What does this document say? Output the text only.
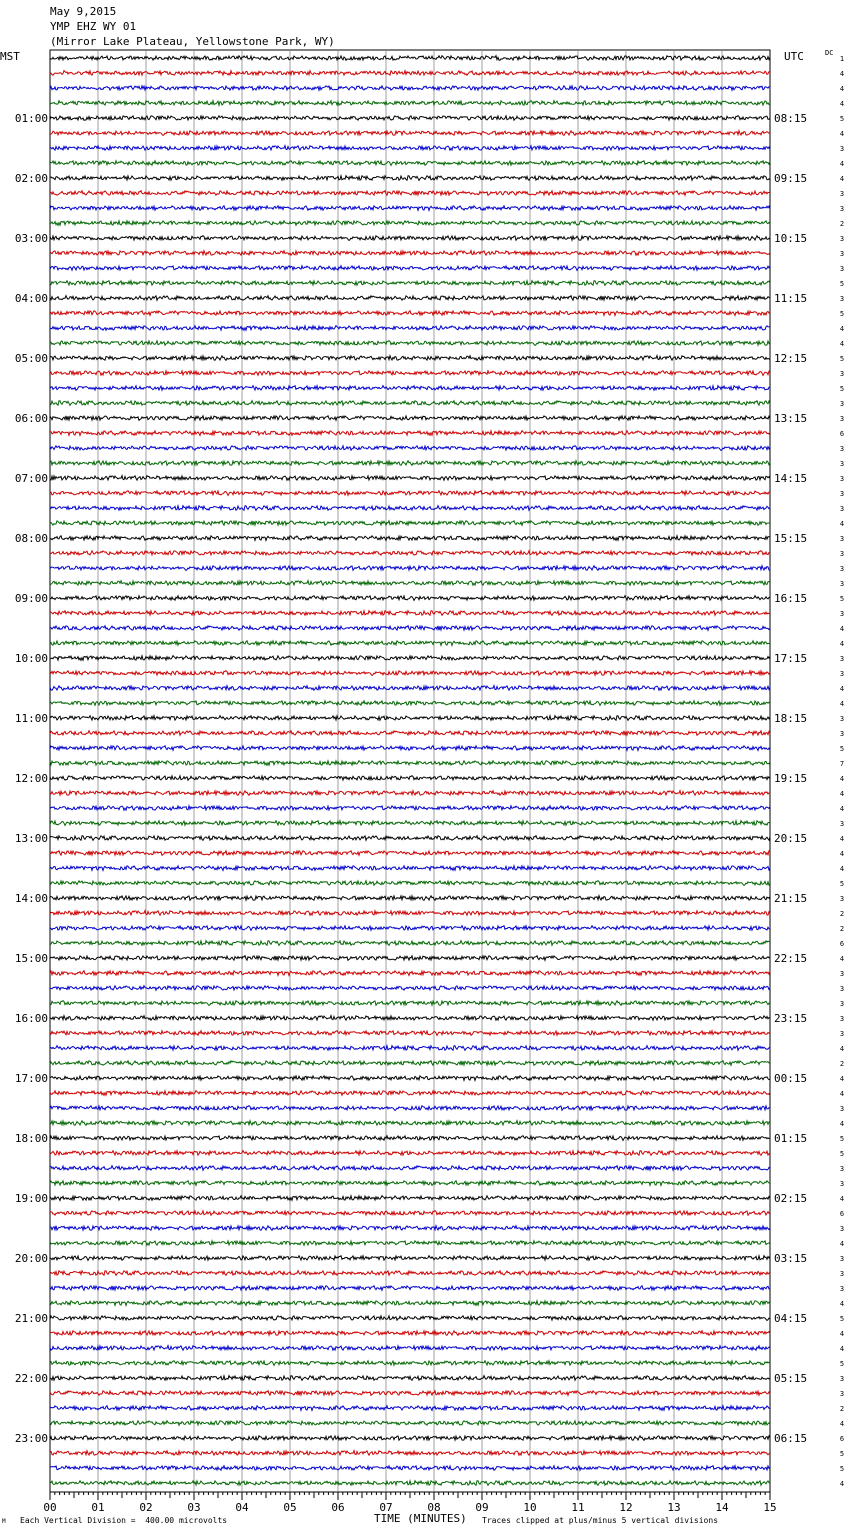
May 9,2015
YMP EHZ WY 01
(Mirror Lake Plateau, Yellowstone Park, WY)
MST	UTC	DC
1
4
4
4
5
4
3
4
4
3
3
2
3
3
3
5
3
5
4
4
5
3
5
3
3
6
3
3
3
3
3
4
3
3
3
3
5
3
4
4
3
3
4
4
3
3
5
7
4
4
4
3
4
4
4
5
3
2
2
6
4
3
3
3
3
3
4
2
4
4
3
4
5
5
3
3
4
6
3
4
3
3
3
4
5
4
4
5
3
3
2
4
6
5
5
4
01:00
02:00
03:00
04:00
05:00
06:00
07:00
08:00
09:00
10:00
11:00
12:00
13:00
14:00
15:00
16:00
17:00
18:00
19:00
20:00
21:00
22:00
23:00
08:15
09:15
10:15
11:15
12:15
13:15
14:15
15:15
16:15
17:15
18:15
19:15
20:15
21:15
22:15
23:15
00:15
01:15
02:15
03:15
04:15
05:15
06:15
00	01	02	03	04	05	06	07	08	09	10	11	12	13	14	15
M Each Vertical Division =  400.00 microvolts	TIME (MINUTES) Traces clipped at plus/minus 5 vertical divisions
